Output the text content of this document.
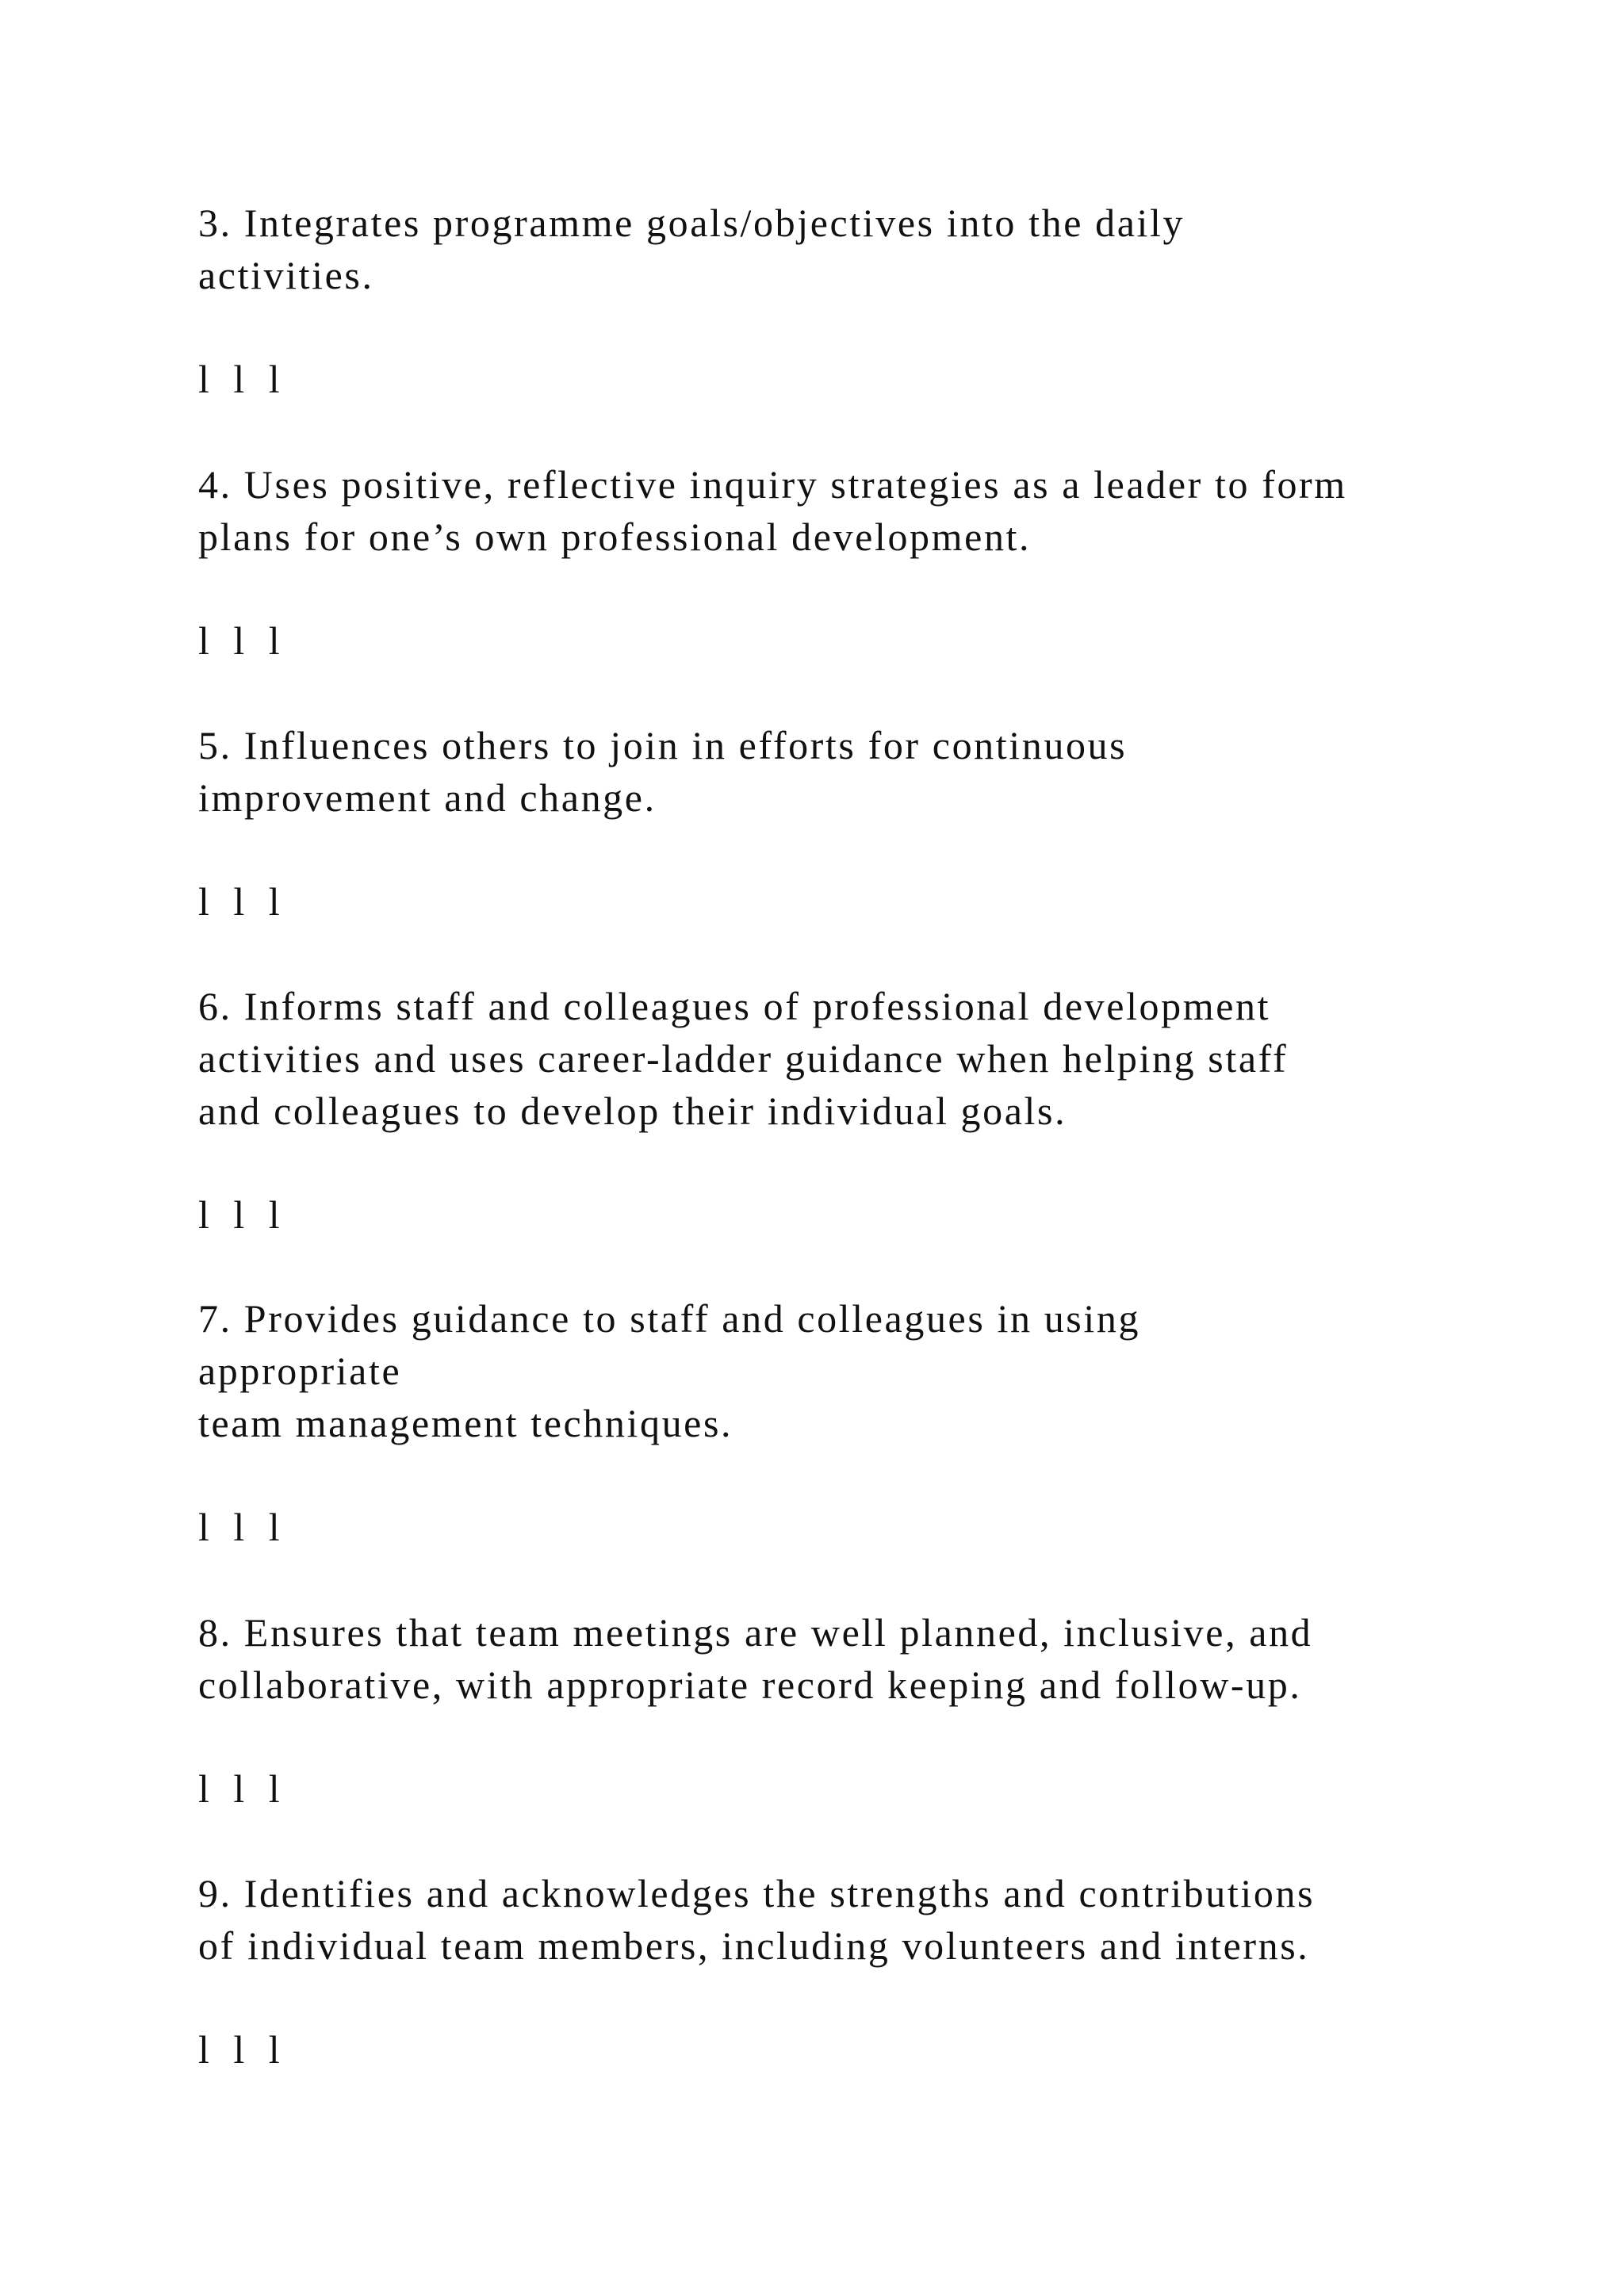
3. Integrates programme goals/objectives into the daily
activities.
l l l
4. Uses positive, reflective inquiry strategies as a leader to form
plans for one’s own professional development.
l l l
5. Influences others to join in efforts for continuous
improvement and change.
l l l
6. Informs staff and colleagues of professional development
activities and uses career-ladder guidance when helping staff
and colleagues to develop their individual goals.
l l l
7. Provides guidance to staff and colleagues in using
appropriate
team management techniques.
l l l
8. Ensures that team meetings are well planned, inclusive, and
collaborative, with appropriate record keeping and follow-up.
l l l
9. Identifies and acknowledges the strengths and contributions
of individual team members, including volunteers and interns.
l l l
